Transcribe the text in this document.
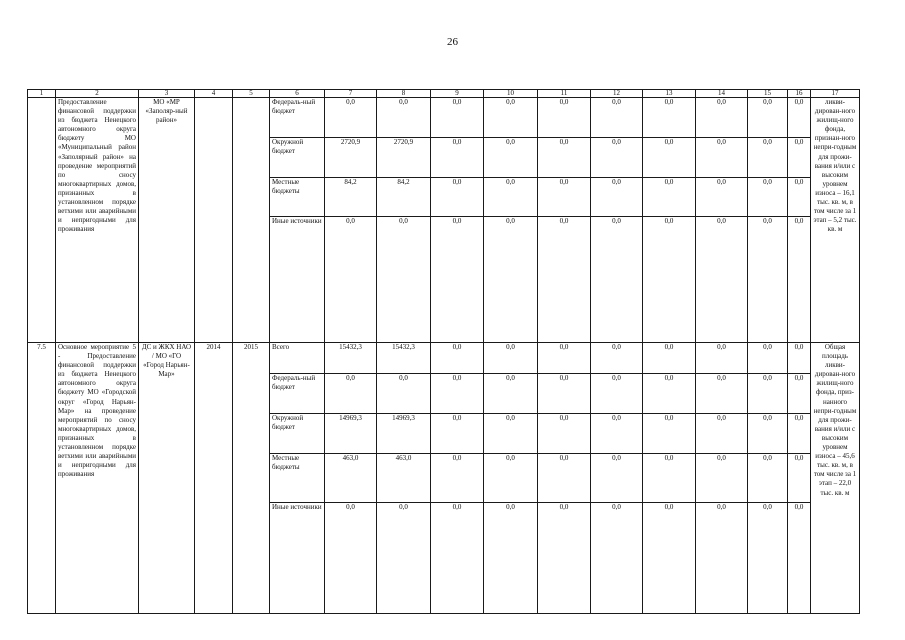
26
1	2	3	4	5	6	7	8	9	10	11	12	13	14	15	16	17
	Предоставление финансовой поддержки из бюджета Ненецкого автономного округа бюджету МО «Муниципальный район «Заполярный район» на проведение мероприятий по сносу многоквартирных домов, признанных в установленном порядке ветхими или аварийными и непригодными для проживания	МО «МР «Заполяр-ный район»			Федераль-ный бюджет	0,0	0,0	0,0	0,0	0,0	0,0	0,0	0,0	0,0	0,0	ликви-дирован-ного жилищ-ного фонда, признан-ного непри-годным для прожи-вания и/или с высоким уровнем износа – 16,1 тыс. кв. м, в том числе за 1 этап – 5,2 тыс. кв. м
					Окружной бюджет	2720,9	2720,9	0,0	0,0	0,0	0,0	0,0	0,0	0,0	0,0	
					Местные бюджеты	84,2	84,2	0,0	0,0	0,0	0,0	0,0	0,0	0,0	0,0	
					Иные источники	0,0	0,0	0,0	0,0	0,0	0,0	0,0	0,0	0,0	0,0	
7.5	Основное мероприятие 5 - Предоставление финансовой поддержки из бюджета Ненецкого автономного округа бюджету МО «Городской округ «Город Нарьян-Мар» на проведение мероприятий по сносу многоквартирных домов, признанных в установленном порядке ветхими или аварийными и непригодными для проживания	ДС и ЖКХ НАО / МО «ГО «Город Нарьян-Мар»	2014	2015	Всего	15432,3	15432,3	0,0	0,0	0,0	0,0	0,0	0,0	0,0	0,0	Общая площадь ликви-дирован-ного жилищ-ного фонда, приз-нанного непри-годным для прожи-вания и/или с высоким уровнем износа – 45,6 тыс. кв. м, в том числе за 1 этап – 22,0 тыс. кв. м
					Федераль-ный бюджет	0,0	0,0	0,0	0,0	0,0	0,0	0,0	0,0	0,0	0,0	
					Окружной бюджет	14969,3	14969,3	0,0	0,0	0,0	0,0	0,0	0,0	0,0	0,0	
					Местные бюджеты	463,0	463,0	0,0	0,0	0,0	0,0	0,0	0,0	0,0	0,0	
					Иные источники	0,0	0,0	0,0	0,0	0,0	0,0	0,0	0,0	0,0	0,0	
